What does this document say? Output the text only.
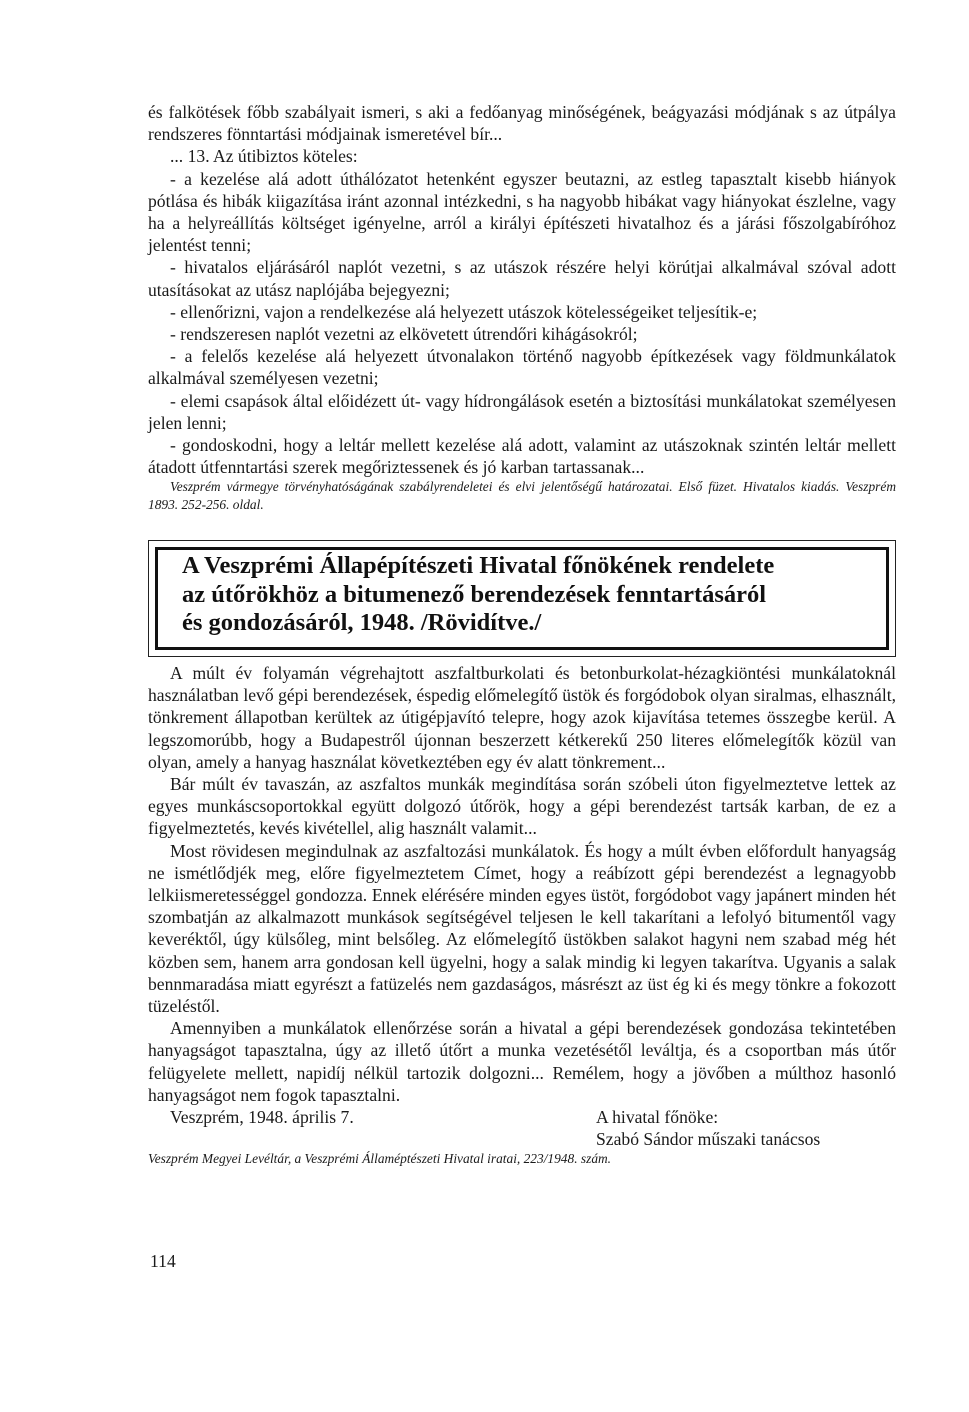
és falkötések főbb szabályait ismeri, s aki a fedőanyag minőségének, beágyazási módjának s az útpálya rendszeres fönntartási módjainak ismeretével bír...

... 13. Az útibiztos köteles:

- a kezelése alá adott úthálózatot hetenként egyszer beutazni, az estleg tapasztalt kisebb hiányok pótlása és hibák kiigazítása iránt azonnal intézkedni, s ha nagyobb hibákat vagy hiányokat észlelne, vagy ha a helyreállítás költséget igényelne, arról a királyi építészeti hivatalhoz és a járási főszolgabíróhoz jelentést tenni;

- hivatalos eljárásáról naplót vezetni, s az utászok részére helyi körútjai alkalmával szóval adott utasításokat az utász naplójába bejegyezni;

- ellenőrizni, vajon a rendelkezése alá helyezett utászok kötelességeiket teljesítik-e;

- rendszeresen naplót vezetni az elkövetett útrendőri kihágásokról;

- a felelős kezelése alá helyezett útvonalakon történő nagyobb építkezések vagy földmunkálatok alkalmával személyesen vezetni;

- elemi csapások által előidézett út- vagy hídrongálások esetén a biztosítási munkálatokat személyesen jelen lenni;

- gondoskodni, hogy a leltár mellett kezelése alá adott, valamint az utászoknak szintén leltár mellett átadott útfenntartási szerek megőriztessenek és jó karban tartassanak...

Veszprém vármegye törvényhatóságának szabályrendeletei és elvi jelentőségű határozatai. Első füzet. Hivatalos kiadás. Veszprém 1893. 252-256. oldal.

A Veszprémi Állapépítészeti Hivatal főnökének rendelete
az útőrökhöz a bitumenező berendezések fenntartásáról
és gondozásáról, 1948. /Rövidítve./

A múlt év folyamán végrehajtott aszfaltburkolati és betonburkolat-hézagkiöntési munkálatoknál használatban levő gépi berendezések, éspedig előmelegítő üstök és forgódobok olyan siralmas, elhasznált, tönkrement állapotban kerültek az útigépjavító telepre, hogy azok kijavítása tetemes összegbe kerül. A legszomorúbb, hogy a Budapestről újonnan beszerzett kétkerekű 250 literes előmelegítők közül van olyan, amely a hanyag használat következtében egy év alatt tönkrement...

Bár múlt év tavaszán, az aszfaltos munkák megindítása során szóbeli úton figyelmeztetve lettek az egyes munkáscsoportokkal együtt dolgozó útőrök, hogy a gépi berendezést tartsák karban, de ez a figyelmeztetés, kevés kivétellel, alig használt valamit...

Most rövidesen megindulnak az aszfaltozási munkálatok. És hogy a múlt évben előfordult hanyagság ne ismétlődjék meg, előre figyelmeztetem Címet, hogy a reábízott gépi berendezést a legnagyobb lelkiismeretességgel gondozza. Ennek elérésére minden egyes üstöt, forgódobot vagy japánert minden hét szombatján az alkalmazott munkások segítségével teljesen le kell takarítani a lefolyó bitumentől vagy keveréktől, úgy külsőleg, mint belsőleg. Az előmelegítő üstökben salakot hagyni nem szabad még hét közben sem, hanem arra gondosan kell ügyelni, hogy a salak mindig ki legyen takarítva. Ugyanis a salak bennmaradása miatt egyrészt a fatüzelés nem gazdaságos, másrészt az üst ég ki és megy tönkre a fokozott tüzeléstől.

Amennyiben a munkálatok ellenőrzése során a hivatal a gépi berendezések gondozása tekintetében hanyagságot tapasztalna, úgy az illető útőrt a munka vezetésétől leváltja, és a csoportban más útőr felügyelete mellett, napidíj nélkül tartozik dolgozni... Remélem, hogy a jövőben a múlthoz hasonló hanyagságot nem fogok tapasztalni.

Veszprém, 1948. április 7.	A hivatal főnöke:
Szabó Sándor műszaki tanácsos

Veszprém Megyei Levéltár, a Veszprémi Államéptészeti Hivatal iratai, 223/1948. szám.

114
